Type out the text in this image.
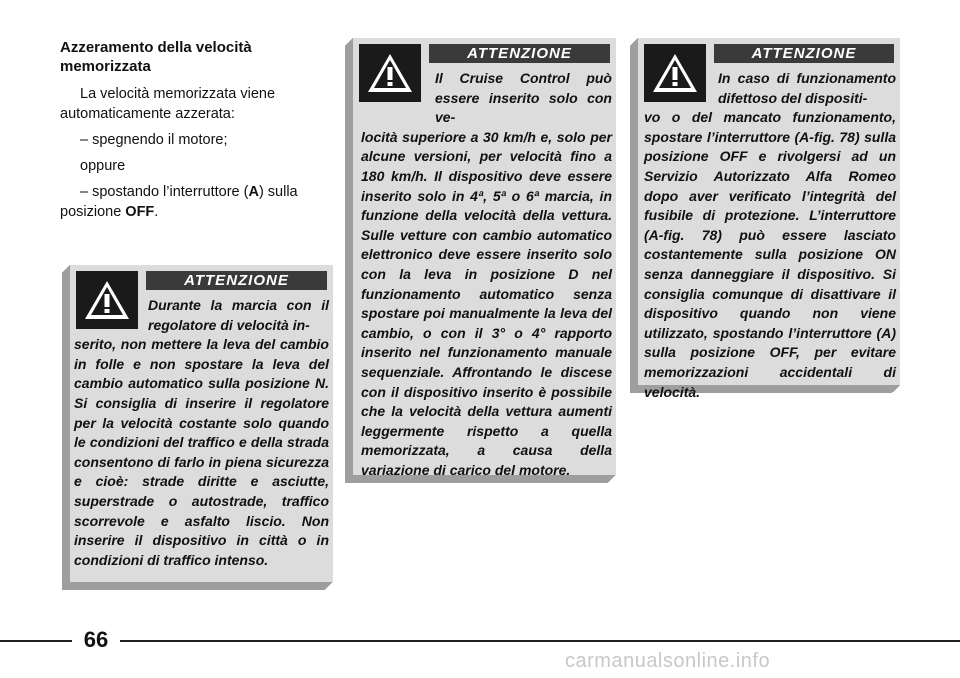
Azzeramento della velocità memorizzata

La velocità memorizzata viene automaticamente azzerata:

– spegnendo il motore;

oppure

– spostando l’interruttore (A) sulla posizione OFF.

ATTENZIONE
Durante la marcia con il regolatore di velocità in-
serito, non mettere la leva del cambio in folle e non spostare la leva del cambio automatico sulla posizione N. Si consiglia di inserire il regolatore per la velocità costante solo quando le condizioni del traffico e della strada consentono di farlo in piena sicurezza e cioè: strade diritte e asciutte, superstrade o autostrade, traffico scorrevole e asfalto liscio. Non inserire il dispositivo in città o in condizioni di traffico intenso.
ATTENZIONE
Il Cruise Control può essere inserito solo con ve-
locità superiore a 30 km/h e, solo per alcune versioni, per velocità fino a 180 km/h. Il dispositivo deve essere inserito solo in 4ª, 5ª o 6ª marcia, in funzione della velocità della vettura. Sulle vetture con cambio automatico elettronico deve essere inserito solo con la leva in posizione D nel funzionamento automatico senza spostare poi manualmente la leva del cambio, o con il 3° o 4° rapporto inserito nel funzionamento manuale sequenziale. Affrontando le discese con il dispositivo inserito è possibile che la velocità della vettura aumenti leggermente rispetto a quella memorizzata, a causa della variazione di carico del motore.
ATTENZIONE
In caso di funzionamento difettoso del dispositi-
vo o del mancato funzionamento, spostare l’interruttore (A-fig. 78) sulla posizione OFF e rivolgersi ad un Servizio Autorizzato Alfa Romeo dopo aver verificato l’integrità del fusibile di protezione. L’interruttore (A-fig. 78) può essere lasciato costantemente sulla posizione ON senza danneggiare il dispositivo. Si consiglia comunque di disattivare il dispositivo quando non viene utilizzato, spostando l’interruttore (A) sulla posizione OFF, per evitare memorizzazioni accidentali di velocità.
66
carmanualsonline.info
